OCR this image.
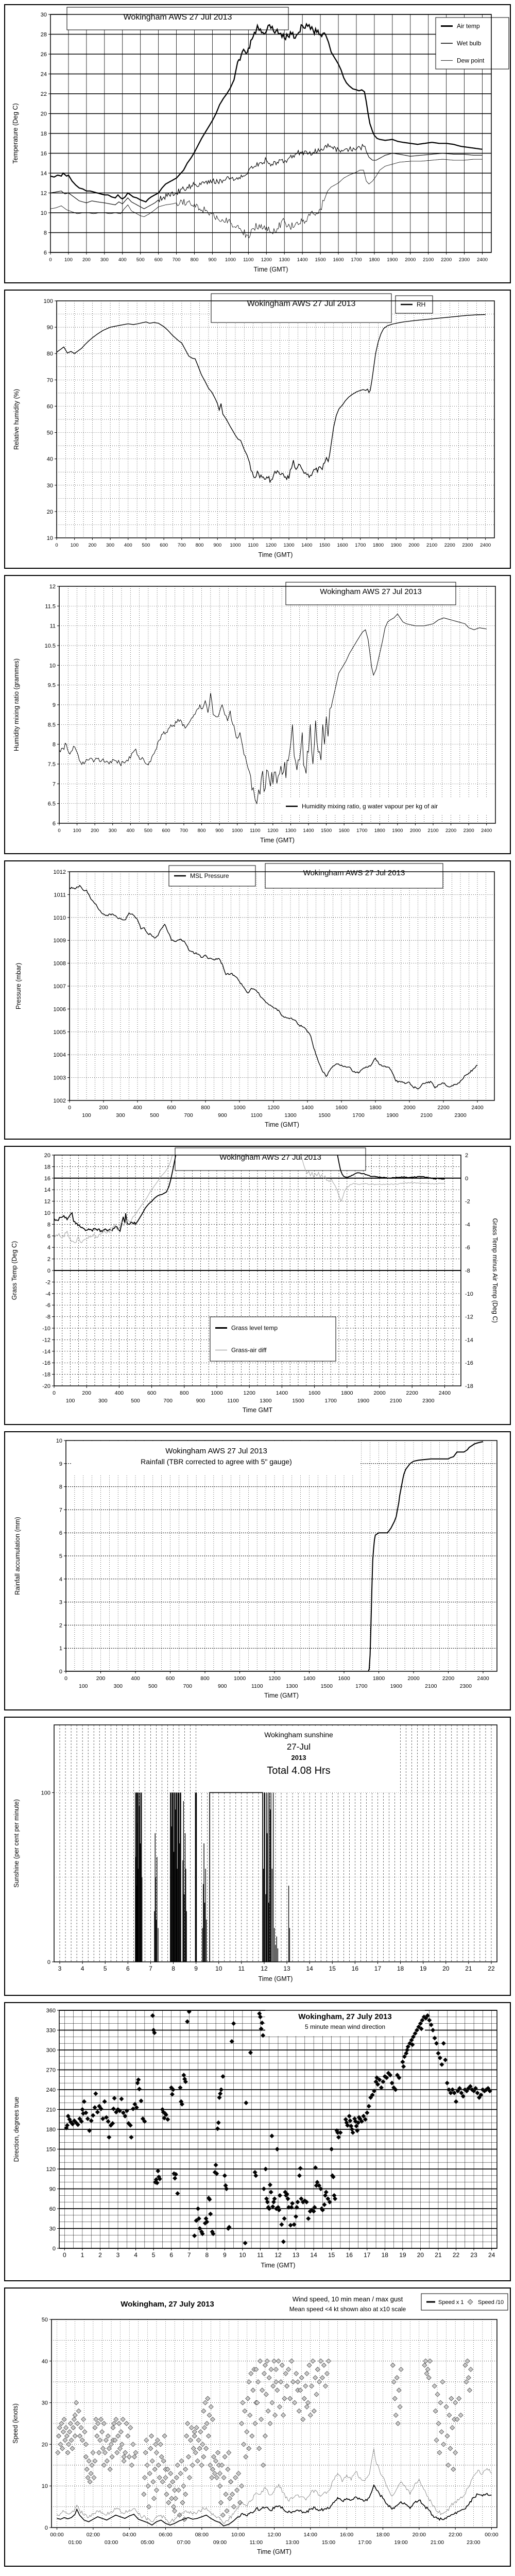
Wokingham AWS 27 Jul 2013
Air temp
Wet bulb
Dew point
0	100 200 300 400 500 600 700 800 900 1000 1100 1200 1300 1400 1500 1600 1700 1800 1900 2000 2100 2200 2300 2400
Time (GMT)
6
8
10
12
14
16
18
20
22
24
26
28
30
Temperature (Deg C)
Wokingham AWS 27 Jul 2013	RH
0	100 200 300 400 500 600 700 800 900 1000 1100 1200 1300 1400 1500 1600 1700 1800 1900 2000 2100 2200 2300 2400
Time (GMT)
10
20
30
40
50
60
70
80
90
100
Relative humidity (%)
Wokingham AWS 27 Jul 2013
Humidity mixing ratio, g water vapour per kg of air
0	100 200 300 400 500 600 700 800 900 1000 1100 1200 1300 1400 1500 1600 1700 1800 1900 2000 2100 2200 2300 2400
Time (GMT)
6
6.5
7
7.5
8
8.5
9
9.5
10
10.5
11
11.5
12
Humidity mixing ratio (grammes)
MSL Pressure	Wokingham AWS 27 Jul 2013
0	200	400	600	800	1000	1200	1400	1600	1800	2000	2200	2400
100	300	500	700	900	1100	1300	1500	1700	1900	2100	2300
Time (GMT)
1002
1003
1004
1005
1006
1007
1008
1009
1010
1011
1012
Pressure (mbar)
Wokingham AWS 27 Jul 2013
Grass level temp
Grass-air diff
0	200	400	600	800	1000	1200	1400	1600	1800	2000	2200	2400
100	300	500	700	900	1100	1300	1500	1700	1900	2100	2300
Time GMT
-20
-18
-16
-14
-12
-10
-8
-6
-4
-2
0
2
4
6
8
10
12
14
16
18
20
-18
-16
-14
-12
-10
-8
-6
-4
-2
0
2
Grass Temp (Deg C)	Grass Temp minus Air Temp (Deg C)
Wokingham AWS 27 Jul 2013
Rainfall (TBR corrected to agree with 5" gauge)
0	200	400	600	800	1000	1200	1400	1600	1800	2000	2200	2400
100	300	500	700	900	1100	1300	1500	1700	1900	2100	2300
Time (GMT)
0
1
2
3
4
5
6
7
8
9
10
Rainfall accumulation (mm)
Wokingham sunshine
27-Jul
2013
Total 4.08 Hrs
3	4	5	6	7	8	9	10	11	12	13	14	15	16	17	18	19	20	21	22
Time (GMT)
0
100
Sunshine (per cent per minute)
Wokingham, 27 July 2013
5 minute mean wind direction
0 1 2 3 4 5 6 7 8 9 10 11 12 13 14 15 16 17 18 19 20 21 22 23 24
Time (GMT)
0
30
60
90
120
150
180
210
240
270
300
330
360
Direction, degrees true
Wokingham, 27 July 2013
Wind speed, 10 min mean / max gust
Mean speed <4 kt shown also at x10 scale
Speed x 1 Speed /10
00:00	02:00	04:00	06:00	08:00	10:00	12:00	14:00	16:00	18:00	20:00	22:00	00:00
01:00	03:00	05:00	07:00	09:00	11:00	13:00	15:00	17:00	19:00	21:00	23:00
Time (GMT)
0
10
20
30
40
50
Speed (knots)
